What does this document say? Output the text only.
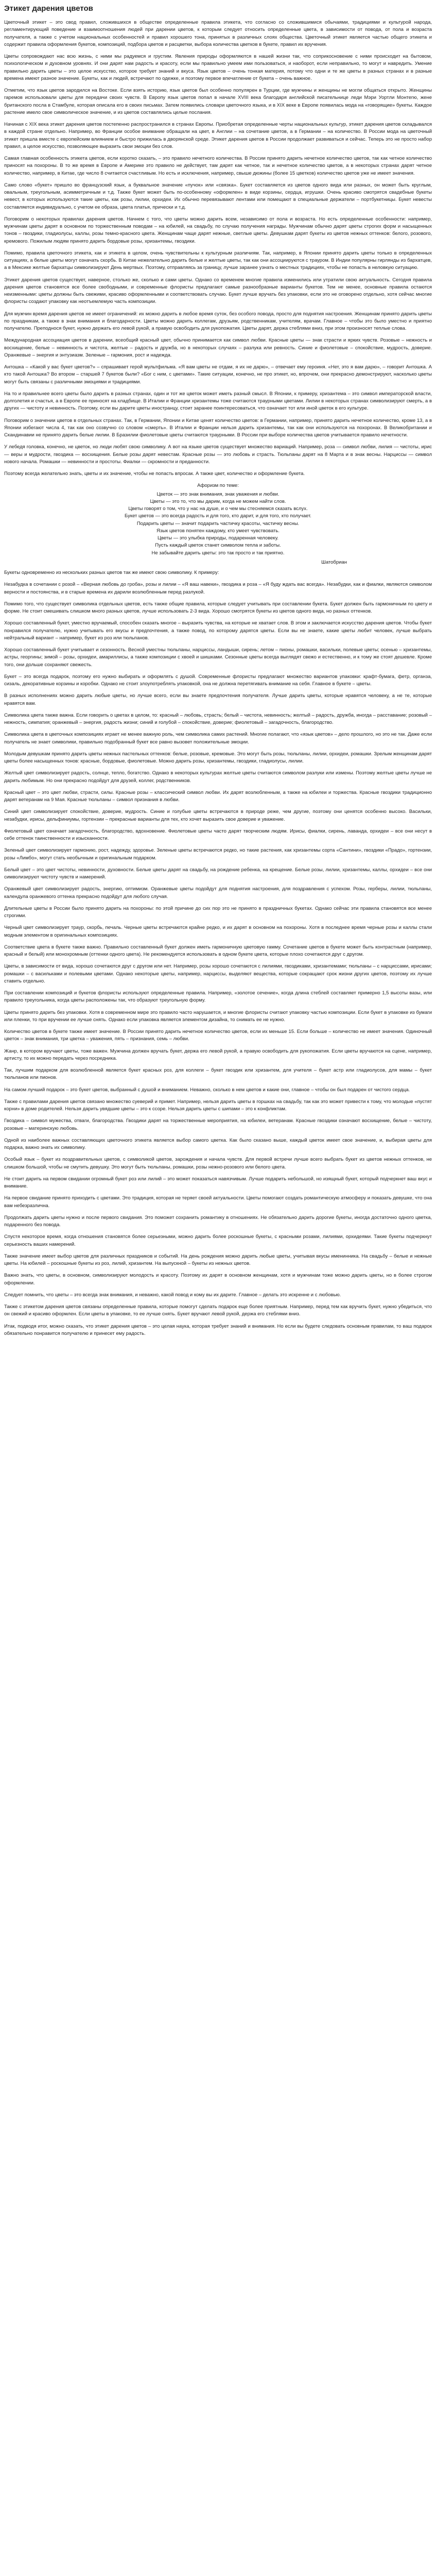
Этикет дарения цветов

Цветочный этикет – это свод правил, сложившихся в обществе определенные правила этикета, что согласно со сложившимися обычаями, традициями и культурой народа, регламентирующий поведение и взаимоотношения людей при дарении цветов, к которым следует относить определенные цвета, в зависимости от повода, от пола и возраста получателя, а также с учетом национальных особенностей и правил хорошего тона, принятых в различных слоях общества. Цветочный этикет является частью общего этикета и содержит правила оформления букетов, композиций, подбора цветов и расцветки, выбора количества цветков в букете, правил их вручения.

Цветы сопровождают нас всю жизнь, с ними мы радуемся и грустим. Явления природы оформляются в нашей жизни так, что соприкосновение с ними происходит на бытовом, психологическом и духовном уровнях. И они дарят нам радость и красоту, если мы правильно умеем ими пользоваться, и наоборот, если неправильно, то могут и навредить. Умение правильно дарить цветы – это целое искусство, которое требует знаний и вкуса. Язык цветов – очень тонкая материя, потому что одни и те же цветы в разных странах и в разные времена имеют разное значение. Букеты, как и людей, встречают по одежке, и поэтому первое впечатление от букета – очень важное.

Отметим, что язык цветов зародился на Востоке. Если взять историю, язык цветов был особенно популярен в Турции, где мужчины и женщины не могли общаться открыто. Женщины гаремов использовали цветы для передачи своих чувств. В Европу язык цветов попал в начале XVIII века благодаря английской писательнице леди Мэри Уортли Монтегю, жене британского посла в Стамбуле, которая описала его в своих письмах. Затем появились словари цветочного языка, и в XIX веке в Европе появилась мода на «говорящие» букеты. Каждое растение имело свое символическое значение, и из цветов составлялись целые послания.

Начиная с XIX века этикет дарения цветов постепенно распространился в странах Европы. Приобретая определенные черты национальных культур, этикет дарения цветов складывался в каждой стране отдельно. Например, во Франции особое внимание обращали на цвет, в Англии – на сочетание цветов, а в Германии – на количество. В России мода на цветочный этикет пришла вместе с европейским влиянием и быстро прижилась в дворянской среде. Этикет дарения цветов в России продолжает развиваться и сейчас. Теперь это не просто набор правил, а целое искусство, позволяющее выразить свои эмоции без слов.

Самая главная особенность этикета цветов, если коротко сказать, – это правило нечетного количества. В России принято дарить нечетное количество цветов, так как четное количество приносят на похороны. В то же время в Европе и Америке это правило не действует, там дарят как четное, так и нечетное количество цветов, а в некоторых странах дарят четное количество, например, в Китае, где число 8 считается счастливым. Но есть и исключения, например, свыше дюжины (более 15 цветков) количество цветов уже не имеет значения.

Само слово «букет» пришло во французский язык, а буквальное значение «пучок» или «связка». Букет составляется из цветов одного вида или разных, он может быть круглым, овальным, треугольным, асимметричным и т.д. Также букет может быть по-особенному «оформлен» в виде корзины, сердца, игрушки. Очень красиво смотрятся свадебные букеты невест, в которых используются такие цветы, как розы, лилии, орхидеи. Их обычно перевязывают лентами или помещают в специальные держатели – портбукетницы. Букет невесты составляется индивидуально, с учетом ее образа, цвета платья, прически и т.д.

Поговорим о некоторых правилах дарения цветов. Начнем с того, что цветы можно дарить всем, независимо от пола и возраста. Но есть определенные особенности: например, мужчинам цветы дарят в основном по торжественным поводам – на юбилей, на свадьбу, по случаю получения награды. Мужчинам обычно дарят цветы строгих форм и насыщенных тонов – гвоздики, гладиолусы, каллы, розы темно-красного цвета. Женщинам чаще дарят нежные, светлые цветы. Девушкам дарят букеты из цветов нежных оттенков: белого, розового, кремового. Пожилым людям принято дарить бордовые розы, хризантемы, гвоздики.

Помимо, правила цветочного этикета, как и этикета в целом, очень чувствительны к культурным различиям. Так, например, в Японии принято дарить цветы только в определенных ситуациях, а белые цветы могут означать скорбь. В Китае нежелательно дарить белые и желтые цветы, так как они ассоциируются с трауром. В Индии популярны гирлянды из бархатцев, а в Мексике желтые бархатцы символизируют День мертвых. Поэтому, отправляясь за границу, лучше заранее узнать о местных традициях, чтобы не попасть в неловкую ситуацию.

Этикет дарения цветов существует, наверное, столько же, сколько и сами цветы. Однако со временем многие правила изменились или утратили свою актуальность. Сегодня правила дарения цветов становятся все более свободными, и современные флористы предлагают самые разнообразные варианты букетов. Тем не менее, основные правила остаются неизменными: цветы должны быть свежими, красиво оформленными и соответствовать случаю. Букет лучше вручать без упаковки, если это не оговорено отдельно, хотя сейчас многие флористы создают упаковку как неотъемлемую часть композиции.

Для мужчин время дарения цветов не имеет ограничений: их можно дарить в любое время суток, без особого повода, просто для поднятия настроения. Женщинам принято дарить цветы по праздникам, а также в знак внимания и благодарности. Цветы можно дарить коллегам, друзьям, родственникам, учителям, врачам. Главное – чтобы это было уместно и приятно получателю. Преподнося букет, нужно держать его левой рукой, а правую освободить для рукопожатия. Цветы дарят, держа стеблями вниз, при этом произносят теплые слова.

Международная ассоциация цветов в дарении, всеобщий красный цвет, обычно принимается как символ любви. Красные цветы — знак страсти и ярких чувств. Розовые – нежность и восхищение, белые – невинность и чистота, желтые – радость и дружба, но в некоторых случаях – разлука или ревность. Синие и фиолетовые – спокойствие, мудрость, доверие. Оранжевые – энергия и энтузиазм. Зеленые – гармония, рост и надежда.

Антошка – «Какой у вас букет цветов?» – спрашивает герой мультфильма. «Я вам цветы не отдам, я их не дарю», – отвечает ему героиня. «Нет, это я вам дарю», – говорит Антошка. А кто такой Антошка? Во втором – старшей 7 букетов были? «Бог с ним, с цветами». Такие ситуации, конечно, не про этикет, но, впрочем, они прекрасно демонстрируют, насколько цветы могут быть связаны с различными эмоциями и традициями.

На то и правильнее всего цветы было дарить в разных странах, один и тот же цветок может иметь разный смысл. В Японии, к примеру, хризантема – это символ императорской власти, долголетия и счастья, а в Европе ее приносят на кладбище. В Италии и Франции хризантемы тоже считаются траурными цветами. Лилии в некоторых странах символизируют смерть, а в других — чистоту и невинность. Поэтому, если вы дарите цветы иностранцу, стоит заранее поинтересоваться, что означает тот или иной цветок в его культуре.

Поговорим о значении цветов в отдельных странах. Так, в Германии, Японии и Китае ценят количество цветов: в Германии, например, принято дарить нечетное количество, кроме 13, а в Японии избегают числа 4, так как оно созвучно со словом «смерть». В Италии и Франции нельзя дарить хризантемы, так как они используются на похоронах. В Великобритании и Скандинавии не принято дарить белые лилии. В Бразилии фиолетовые цветы считаются траурными. В России при выборе количества цветов учитывается правило нечетности.

У лебедя головка, конечно, не цветок, но люди любят свою символику. А вот на языке цветов существует множество вариаций. Например, роза — символ любви, лилия — чистоты, ирис — веры и мудрости, гвоздика — восхищения. Белые розы дарят невестам. Красные розы — это любовь и страсть. Тюльпаны дарят на 8 Марта и в знак весны. Нарциссы — символ нового начала. Ромашки — невинности и простоты. Фиалки — скромности и преданности.

Поэтому всегда желательно знать, цветы и их значение, чтобы не попасть впросак. А также цвет, количество и оформление букета.

Афоризм по теме:
Цветок — это знак внимания, знак уважения и любви.
Цветы — это то, что мы дарим, когда не можем найти слов.
Цветы говорят о том, что у нас на душе, и о чем мы стесняемся сказать вслух.
Букет цветов — это всегда радость и для того, кто дарит, и для того, кто получает.
Подарить цветы — значит подарить частичку красоты, частичку весны.
Язык цветов понятен каждому, кто умеет чувствовать.
Цветы — это улыбка природы, подаренная человеку.
Пусть каждый цветок станет символом тепла и заботы.
Не забывайте дарить цветы: это так просто и так приятно.
Шатобриан

Букеты одновременно из нескольких разных цветов так же имеют свою символику. К примеру:

Незабудка в сочетании с розой – «Верная любовь до гроба», розы и лилии – «Я ваш навеки», гвоздика и роза – «Я буду ждать вас всегда». Незабудки, как и фиалки, являются символом верности и постоянства, и в старые времена их дарили возлюбленным перед разлукой.

Помимо того, что существует символика отдельных цветов, есть также общие правила, которые следует учитывать при составлении букета. Букет должен быть гармоничным по цвету и форме. Не стоит смешивать слишком много разных цветов, лучше использовать 2-3 вида. Хорошо смотрятся букеты из цветов одного вида, но разных оттенков.

Хорошо составленный букет, уместно вручаемый, способен сказать многое – выразить чувства, на которые не хватает слов. В этом и заключается искусство дарения цветов. Чтобы букет понравился получателю, нужно учитывать его вкусы и предпочтения, а также повод, по которому дарятся цветы. Если вы не знаете, какие цветы любит человек, лучше выбрать нейтральный вариант – например, букет из роз или тюльпанов.

Хорошо составленный букет учитывает и сезонность. Весной уместны тюльпаны, нарциссы, ландыши, сирень; летом – пионы, ромашки, васильки, полевые цветы; осенью – хризантемы, астры, георгины; зимой – розы, орхидеи, амариллисы, а также композиции с хвоей и шишками. Сезонные цветы всегда выглядят свежо и естественно, и к тому же стоят дешевле. Кроме того, они дольше сохраняют свежесть.

Букет – это всегда подарок, поэтому его нужно выбирать и оформлять с душой. Современные флористы предлагают множество вариантов упаковки: крафт-бумага, фетр, органза, сизаль, декоративные корзины и коробки. Однако не стоит злоупотреблять упаковкой, она не должна перетягивать внимание на себя. Главное в букете – цветы.

В разных исполнениях можно дарить любые цветы, но лучше всего, если вы знаете предпочтения получателя. Лучше дарить цветы, которые нравятся человеку, а не те, которые нравятся вам.

Символика цвета также важна. Если говорить о цветах в целом, то: красный – любовь, страсть; белый – чистота, невинность; желтый – радость, дружба, иногда – расставание; розовый – нежность, симпатия; оранжевый – энергия, радость жизни; синий и голубой – спокойствие, доверие; фиолетовый – загадочность, благородство.

Символика цвета в цветочных композициях играет не менее важную роль, чем символика самих растений. Многие полагают, что «язык цветов» – дело прошлого, но это не так. Даже если получатель не знает символики, правильно подобранный букет все равно вызовет положительные эмоции.

Молодым девушкам принято дарить цветы нежных пастельных оттенков: белые, розовые, кремовые. Это могут быть розы, тюльпаны, лилии, орхидеи, ромашки. Зрелым женщинам дарят цветы более насыщенных тонов: красные, бордовые, фиолетовые. Можно дарить розы, хризантемы, гвоздики, гладиолусы, лилии.

Желтый цвет символизирует радость, солнце, тепло, богатство. Однако в некоторых культурах желтые цветы считаются символом разлуки или измены. Поэтому желтые цветы лучше не дарить любимым. Но они прекрасно подойдут для друзей, коллег, родственников.

Красный цвет – это цвет любви, страсти, силы. Красные розы – классический символ любви. Их дарят возлюбленным, а также на юбилеи и торжества. Красные гвоздики традиционно дарят ветеранам на 9 Мая. Красные тюльпаны – символ признания в любви.

Синий цвет символизирует спокойствие, доверие, мудрость. Синие и голубые цветы встречаются в природе реже, чем другие, поэтому они ценятся особенно высоко. Васильки, незабудки, ирисы, дельфиниумы, гортензии – прекрасные варианты для тех, кто хочет выразить свое доверие и уважение.

Фиолетовый цвет означает загадочность, благородство, вдохновение. Фиолетовые цветы часто дарят творческим людям. Ирисы, фиалки, сирень, лаванда, орхидеи – все они несут в себе оттенок таинственности и изысканности.

Зеленый цвет символизирует гармонию, рост, надежду, здоровье. Зеленые цветы встречаются редко, но такие растения, как хризантемы сорта «Сантини», гвоздики «Прадо», гортензии, розы «Лимбо», могут стать необычным и оригинальным подарком.

Белый цвет – это цвет чистоты, невинности, духовности. Белые цветы дарят на свадьбу, на рождение ребенка, на крещение. Белые розы, лилии, хризантемы, каллы, орхидеи – все они символизируют чистоту чувств и намерений.

Оранжевый цвет символизирует радость, энергию, оптимизм. Оранжевые цветы подойдут для поднятия настроения, для поздравления с успехом. Розы, герберы, лилии, тюльпаны, календула оранжевого оттенка прекрасно подойдут для любого случая.

Длительные цветы в России было принято дарить на похороны: по этой причине до сих пор это не принято в праздничных букетах. Однако сейчас эти правила становятся все менее строгими.

Черный цвет символизирует траур, скорбь, печаль. Черные цветы встречаются крайне редко, и их дарят в основном на похороны. Хотя в последнее время черные розы и каллы стали модным элементом в оригинальных композициях.

Соответствие цвета в букете также важно. Правильно составленный букет должен иметь гармоничную цветовую гамму. Сочетание цветов в букете может быть контрастным (например, красный и белый) или монохромным (оттенки одного цвета). Не рекомендуется использовать в одном букете цвета, которые плохо сочетаются друг с другом.

Цветы, в зависимости от вида, хорошо сочетаются друг с другом или нет. Например, розы хорошо сочетаются с лилиями, гвоздиками, хризантемами; тюльпаны – с нарциссами, ирисами; ромашки – с васильками и полевыми цветами. Однако некоторые цветы, например, нарциссы, выделяют вещества, которые сокращают срок жизни других цветов, поэтому их лучше ставить отдельно.

При составлении композиций и букетов флористы используют определенные правила. Например, «золотое сечение», когда длина стеблей составляет примерно 1,5 высоты вазы, или правило треугольника, когда цветы расположены так, что образуют треугольную форму.

Цветы принято дарить без упаковки. Хотя в современном мире это правило часто нарушается, и многие флористы считают упаковку частью композиции. Если букет в упаковке из бумаги или пленки, то при вручении ее лучше снять. Однако если упаковка является элементом дизайна, то снимать ее не нужно.

Количество цветов в букете также имеет значение. В России принято дарить нечетное количество цветов, если их меньше 15. Если больше – количество не имеет значения. Одиночный цветок – знак внимания, три цветка – уважения, пять – признания, семь – любви.

Жанр, в котором вручают цветы, тоже важен. Мужчина должен вручать букет, держа его левой рукой, а правую освободить для рукопожатия. Если цветы вручаются на сцене, например, артисту, то их можно передать через посредника.

Так, лучшим подарком для возлюбленной является букет красных роз, для коллеги – букет гвоздик или хризантем, для учителя – букет астр или гладиолусов, для мамы – букет тюльпанов или пионов.

На самом лучший подарок – это букет цветов, выбранный с душой и вниманием. Неважно, сколько в нем цветов и какие они, главное – чтобы он был подарен от чистого сердца.

Также с правилами дарения цветов связано множество суеверий и примет. Например, нельзя дарить цветы в горшках на свадьбу, так как это может привести к тому, что молодые «пустят корни» в доме родителей. Нельзя дарить увядшие цветы – это к ссоре. Нельзя дарить цветы с шипами – это к конфликтам.

Гвоздика – символ мужества, отваги, благородства. Гвоздики дарят на торжественные мероприятия, на юбилеи, ветеранам. Красные гвоздики означают восхищение, белые – чистоту, розовые – материнскую любовь.

Одной из наиболее важных составляющих цветочного этикета является выбор самого цветка. Как было сказано выше, каждый цветок имеет свое значение, и, выбирая цветы для подарка, важно знать их символику.

Особый язык – букет из поздравительных цветов, с символикой цветов, зарождения и начала чувств. Для первой встречи лучше всего выбрать букет из цветов нежных оттенков, не слишком большой, чтобы не смутить девушку. Это могут быть тюльпаны, ромашки, розы нежно-розового или белого цвета.

Не стоит дарить на первом свидании огромный букет роз или лилий – это может показаться навязчивым. Лучше подарить небольшой, но изящный букет, который подчеркнет ваш вкус и внимание.

На первое свидание принято приходить с цветами. Это традиция, которая не теряет своей актуальности. Цветы помогают создать романтическую атмосферу и показать девушке, что она вам небезразлична.

Продолжать дарить цветы нужно и после первого свидания. Это поможет сохранить романтику в отношениях. Не обязательно дарить дорогие букеты, иногда достаточно одного цветка, подаренного без повода.

Спустя некоторое время, когда отношения становятся более серьезными, можно дарить более роскошные букеты, с красными розами, лилиями, орхидеями. Такие букеты подчеркнут серьезность ваших намерений.

Также значение имеет выбор цветов для различных праздников и событий. На день рождения можно дарить любые цветы, учитывая вкусы именинника. На свадьбу – белые и нежные цветы. На юбилей – роскошные букеты из роз, лилий, хризантем. На выпускной – букеты из нежных цветов.

Важно знать, что цветы, в основном, символизируют молодость и красоту. Поэтому их дарят в основном женщинам, хотя и мужчинам тоже можно дарить цветы, но в более строгом оформлении.

Следует помнить, что цветы – это всегда знак внимания, и неважно, какой повод и кому вы их дарите. Главное – делать это искренне и с любовью.

Также с этикетом дарения цветов связаны определенные правила, которые помогут сделать подарок еще более приятным. Например, перед тем как вручить букет, нужно убедиться, что он свежий и красиво оформлен. Если цветы в упаковке, то ее лучше снять. Букет вручают левой рукой, держа его стеблями вниз.

Итак, подводя итог, можно сказать, что этикет дарения цветов – это целая наука, которая требует знаний и внимания. Но если вы будете следовать основным правилам, то ваш подарок обязательно понравится получателю и принесет ему радость.
